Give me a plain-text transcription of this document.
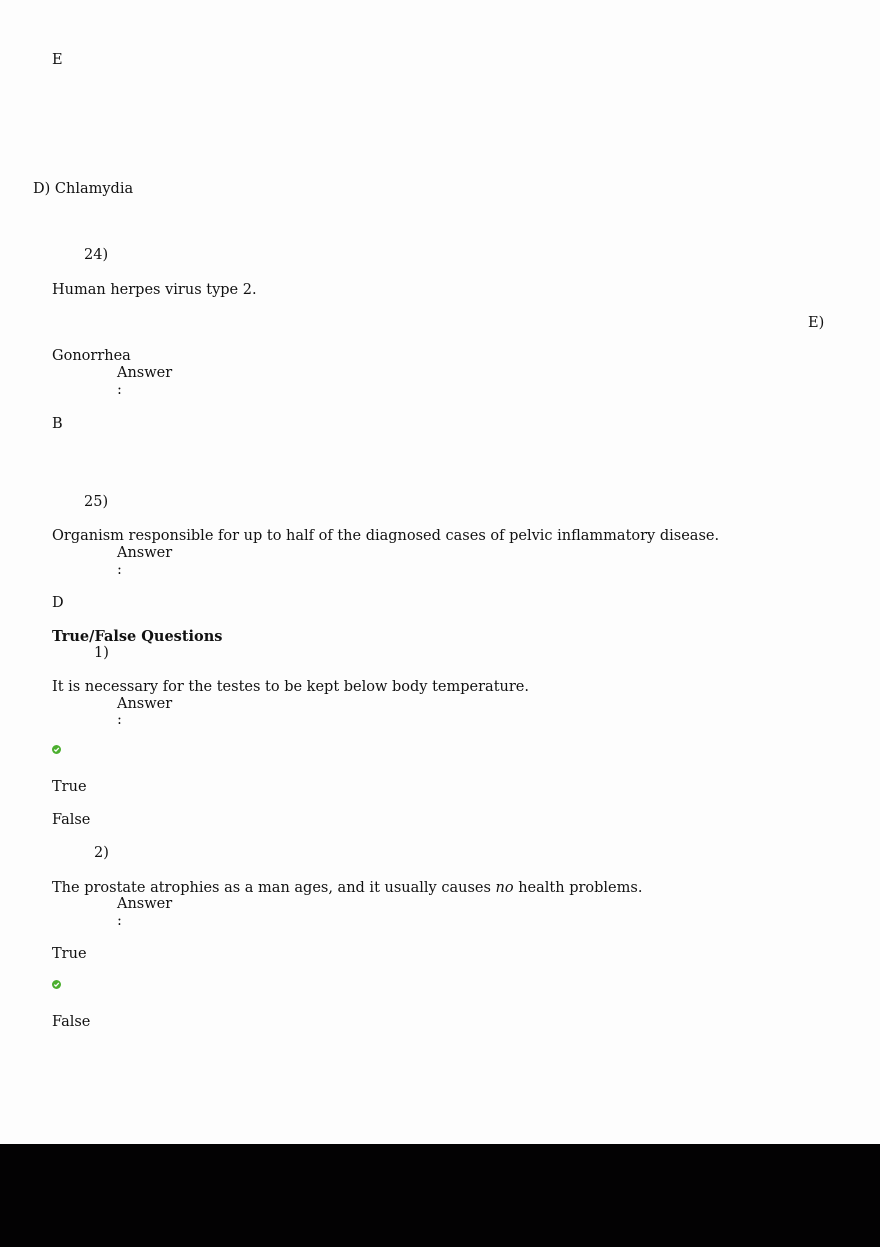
E
D) Chlamydia
24)
Human herpes virus type 2.
E)
Gonorrhea
Answer
:
B
25)
Organism responsible for up to half of the diagnosed cases of pelvic inflammatory disease.
Answer
:
D
True/False Questions
1)
It is necessary for the testes to be kept below body temperature.
Answer
:
True
False
2)
The prostate atrophies as a man ages, and it usually causes no health problems.
Answer
:
True
False
